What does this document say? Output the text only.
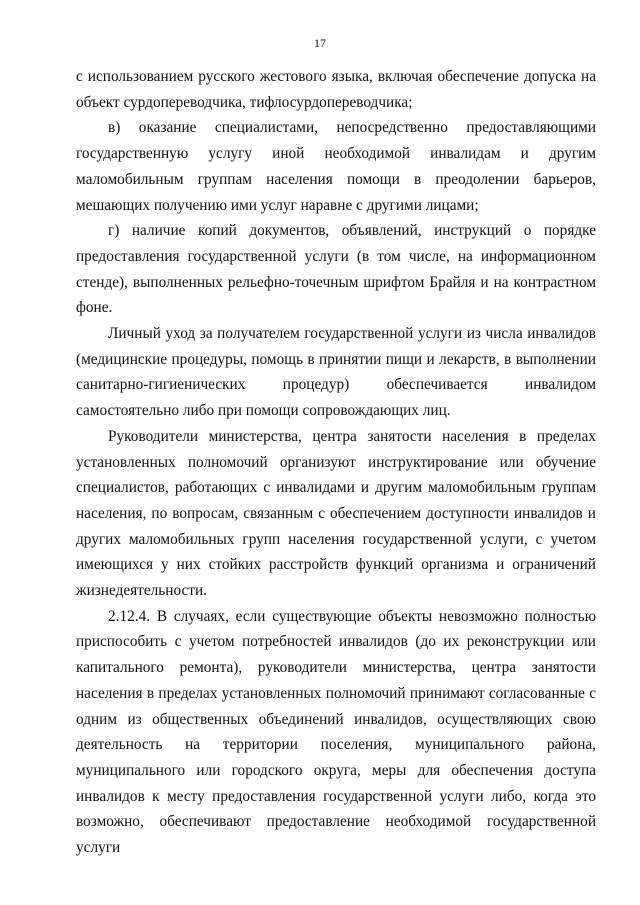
17

с использованием русского жестового языка, включая обеспечение допуска на объект сурдопереводчика, тифлосурдопереводчика;

в) оказание специалистами, непосредственно предоставляющими государственную услугу иной необходимой инвалидам и другим маломобильным группам населения помощи в преодолении барьеров, мешающих получению ими услуг наравне с другими лицами;

г) наличие копий документов, объявлений, инструкций о порядке предоставления государственной услуги (в том числе, на информационном стенде), выполненных рельефно-точечным шрифтом Брайля и на контрастном фоне.

Личный уход за получателем государственной услуги из числа инвалидов (медицинские процедуры, помощь в принятии пищи и лекарств, в выполнении санитарно-гигиенических процедур) обеспечивается инвалидом самостоятельно либо при помощи сопровождающих лиц.

Руководители министерства, центра занятости населения в пределах установленных полномочий организуют инструктирование или обучение специалистов, работающих с инвалидами и другим маломобильным группам населения, по вопросам, связанным с обеспечением доступности инвалидов и других маломобильных групп населения государственной услуги, с учетом имеющихся у них стойких расстройств функций организма и ограничений жизнедеятельности.

2.12.4. В случаях, если существующие объекты невозможно полностью приспособить с учетом потребностей инвалидов (до их реконструкции или капитального ремонта), руководители министерства, центра занятости населения в пределах установленных полномочий принимают согласованные с одним из общественных объединений инвалидов, осуществляющих свою деятельность на территории поселения, муниципального района, муниципального или городского округа, меры для обеспечения доступа инвалидов к месту предоставления государственной услуги либо, когда это возможно, обеспечивают предоставление необходимой государственной услуги
